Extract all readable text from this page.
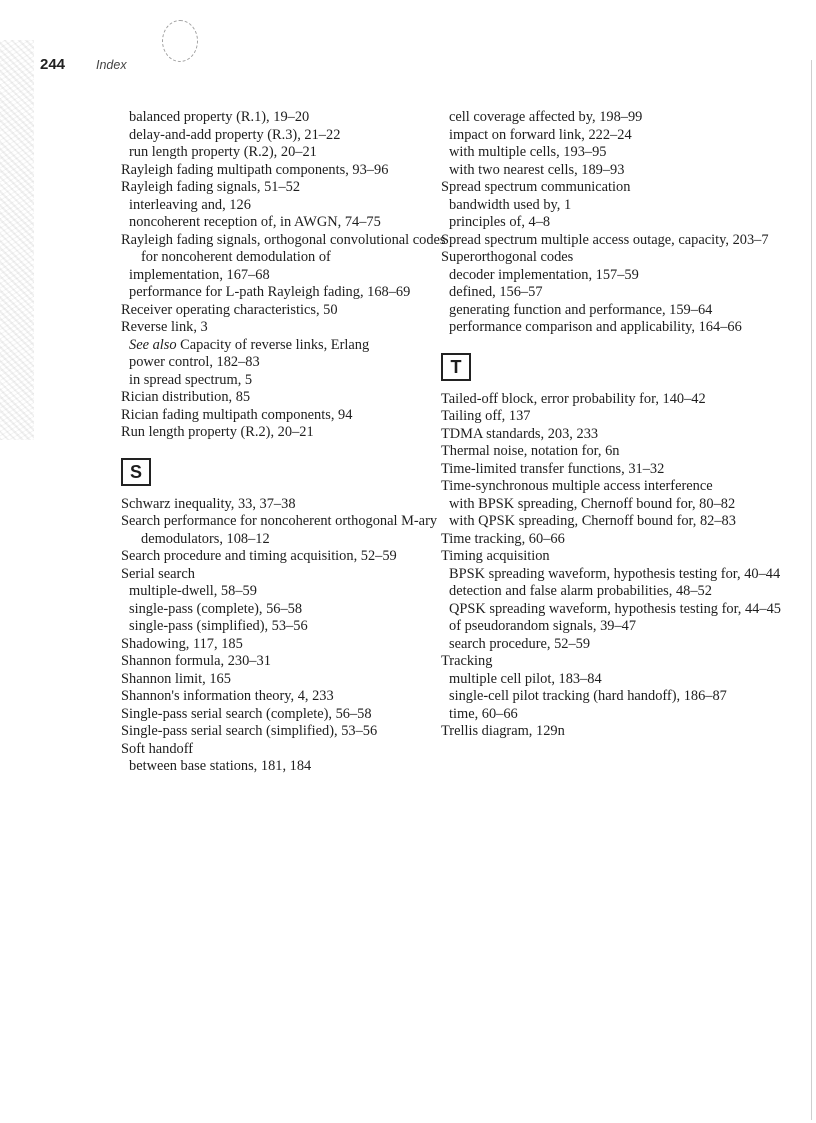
244 Index

balanced property (R.1), 19–20

delay-and-add property (R.3), 21–22

run length property (R.2), 20–21

Rayleigh fading multipath components, 93–96

Rayleigh fading signals, 51–52

interleaving and, 126

noncoherent reception of, in AWGN, 74–75

Rayleigh fading signals, orthogonal convolutional codes for noncoherent demodulation of

implementation, 167–68

performance for L-path Rayleigh fading, 168–69

Receiver operating characteristics, 50

Reverse link, 3

See also Capacity of reverse links, Erlang

power control, 182–83

in spread spectrum, 5

Rician distribution, 85

Rician fading multipath components, 94

Run length property (R.2), 20–21

S

Schwarz inequality, 33, 37–38

Search performance for noncoherent orthogonal M-ary demodulators, 108–12

Search procedure and timing acquisition, 52–59

Serial search

multiple-dwell, 58–59

single-pass (complete), 56–58

single-pass (simplified), 53–56

Shadowing, 117, 185

Shannon formula, 230–31

Shannon limit, 165

Shannon's information theory, 4, 233

Single-pass serial search (complete), 56–58

Single-pass serial search (simplified), 53–56

Soft handoff

between base stations, 181, 184

cell coverage affected by, 198–99

impact on forward link, 222–24

with multiple cells, 193–95

with two nearest cells, 189–93

Spread spectrum communication

bandwidth used by, 1

principles of, 4–8

Spread spectrum multiple access outage, capacity, 203–7

Superorthogonal codes

decoder implementation, 157–59

defined, 156–57

generating function and performance, 159–64

performance comparison and applicability, 164–66

T

Tailed-off block, error probability for, 140–42

Tailing off, 137

TDMA standards, 203, 233

Thermal noise, notation for, 6n

Time-limited transfer functions, 31–32

Time-synchronous multiple access interference

with BPSK spreading, Chernoff bound for, 80–82

with QPSK spreading, Chernoff bound for, 82–83

Time tracking, 60–66

Timing acquisition

BPSK spreading waveform, hypothesis testing for, 40–44

detection and false alarm probabilities, 48–52

QPSK spreading waveform, hypothesis testing for, 44–45

of pseudorandom signals, 39–47

search procedure, 52–59

Tracking

multiple cell pilot, 183–84

single-cell pilot tracking (hard handoff), 186–87

time, 60–66

Trellis diagram, 129n
